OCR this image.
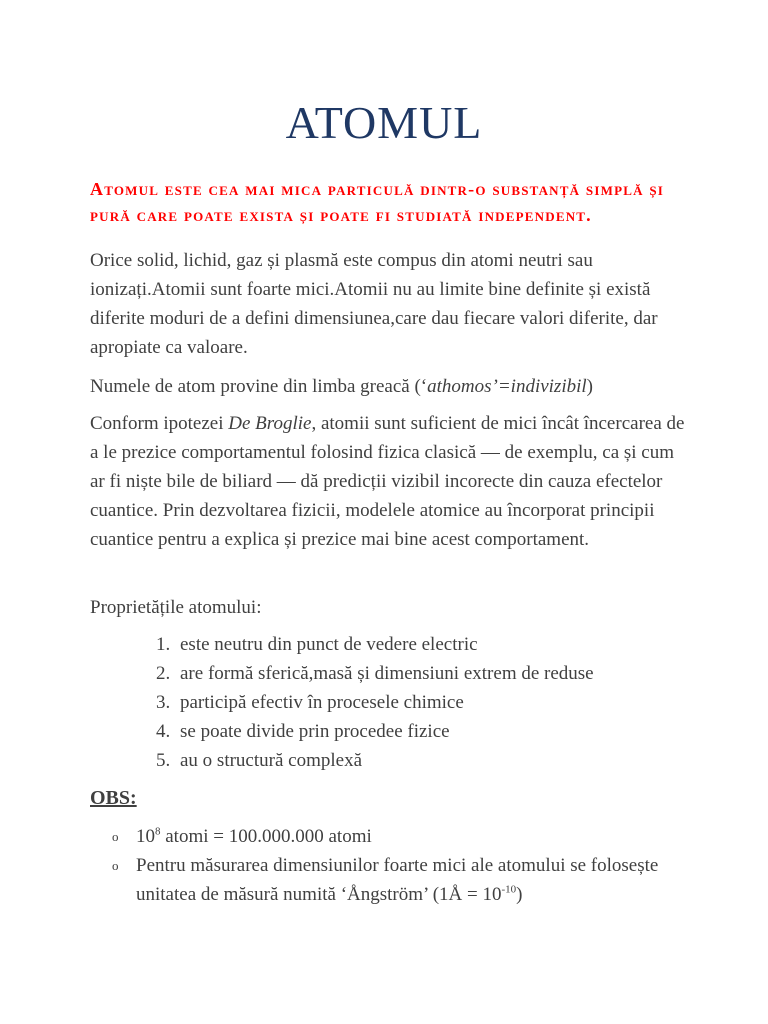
ATOMUL
Atomul este cea mai mica particulă dintr-o substanță simplă și pură care poate exista și poate fi studiată independent.
Orice solid, lichid, gaz și plasmă este compus din atomi neutri sau ionizați.Atomii sunt foarte mici.Atomii nu au limite bine definite și există diferite moduri de a defini dimensiunea,care dau fiecare valori diferite, dar apropiate ca valoare.
Numele de atom provine din limba greacă (‘athomos’=indivizibil)
Conform ipotezei De Broglie, atomii sunt suficient de mici încât încercarea de a le prezice comportamentul folosind fizica clasică — de exemplu, ca și cum ar fi niște bile de biliard — dă predicții vizibil incorecte din cauza efectelor cuantice. Prin dezvoltarea fizicii, modelele atomice au încorporat principii cuantice pentru a explica și prezice mai bine acest comportament.
Proprietățile atomului:
1. este neutru din punct de vedere electric
2. are formă sferică,masă și dimensiuni extrem de reduse
3. participă efectiv în procesele chimice
4. se poate divide prin procedee fizice
5. au o structură complexă
OBS:
o $10^8$ atomi = 100.000.000 atomi
o Pentru măsurarea dimensiunilor foarte mici ale atomului se folosește unitatea de măsură numită ‘Ångström’ (1Å = $10^{-10}$)
